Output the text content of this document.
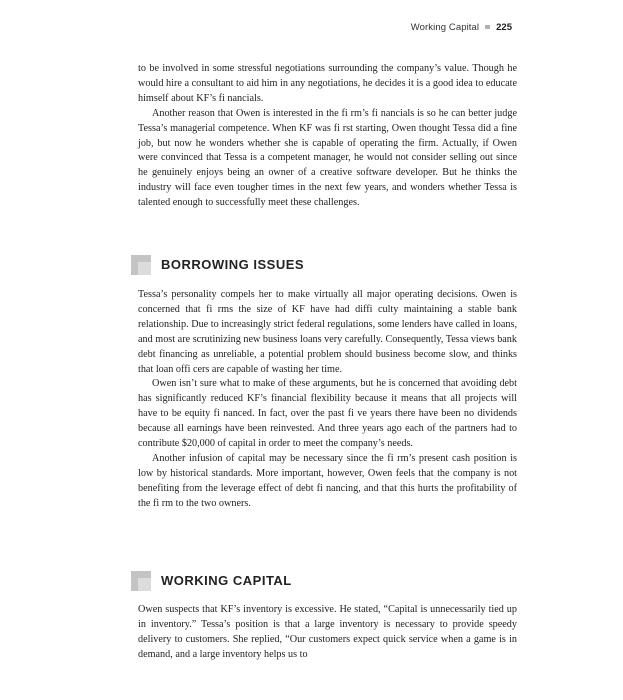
Working Capital 225

to be involved in some stressful negotiations surrounding the company’s value. Though he would hire a consultant to aid him in any negotiations, he decides it is a good idea to educate himself about KF’s fi nancials.

Another reason that Owen is interested in the fi rm’s fi nancials is so he can better judge Tessa’s managerial competence. When KF was fi rst starting, Owen thought Tessa did a fine job, but now he wonders whether she is capable of operating the firm. Actually, if Owen were convinced that Tessa is a competent manager, he would not consider selling out since he genuinely enjoys being an owner of a creative software developer. But he thinks the industry will face even tougher times in the next few years, and wonders whether Tessa is talented enough to successfully meet these challenges.

BORROWING ISSUES

Tessa’s personality compels her to make virtually all major operating decisions. Owen is concerned that fi rms the size of KF have had diffi culty maintaining a stable bank relationship. Due to increasingly strict federal regulations, some lenders have called in loans, and most are scrutinizing new business loans very carefully. Consequently, Tessa views bank debt financing as unreliable, a potential problem should business become slow, and thinks that loan offi cers are capable of wasting her time.

Owen isn’t sure what to make of these arguments, but he is concerned that avoiding debt has significantly reduced KF’s financial flexibility because it means that all projects will have to be equity fi nanced. In fact, over the past fi ve years there have been no dividends because all earnings have been reinvested. And three years ago each of the partners had to contribute $20,000 of capital in order to meet the company’s needs.

Another infusion of capital may be necessary since the fi rm’s present cash position is low by historical standards. More important, however, Owen feels that the company is not benefiting from the leverage effect of debt fi nancing, and that this hurts the profitability of the fi rm to the two owners.

WORKING CAPITAL

Owen suspects that KF’s inventory is excessive. He stated, “Capital is unnecessarily tied up in inventory.” Tessa’s position is that a large inventory is necessary to provide speedy delivery to customers. She replied, “Our customers expect quick service when a game is in demand, and a large inventory helps us to
